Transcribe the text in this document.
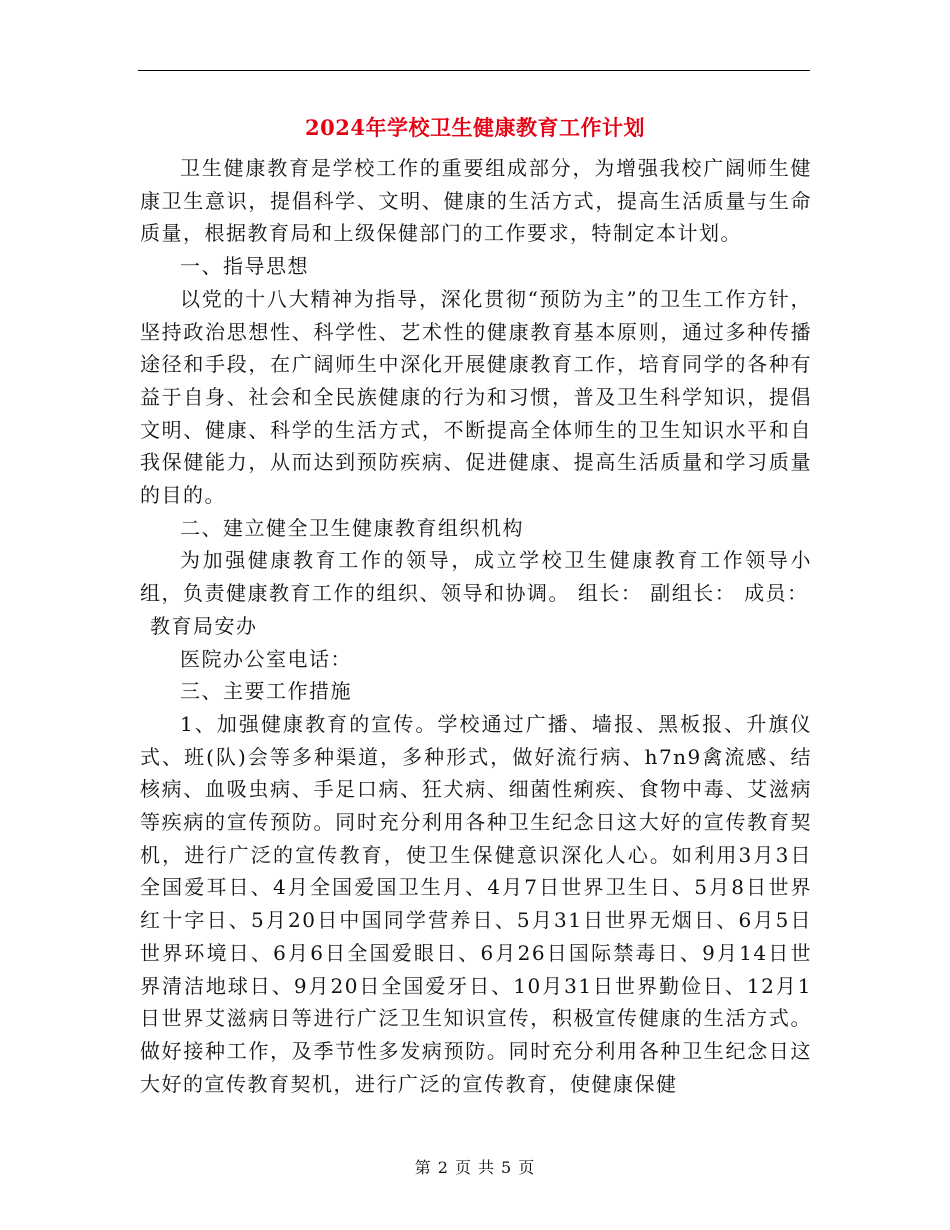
2024年学校卫生健康教育工作计划

卫生健康教育是学校工作的重要组成部分，为增强我校广阔师生健康卫生意识，提倡科学、文明、健康的生活方式，提高生活质量与生命质量，根据教育局和上级保健部门的工作要求，特制定本计划。

一、指导思想

以党的十八大精神为指导，深化贯彻“预防为主”的卫生工作方针，坚持政治思想性、科学性、艺术性的健康教育基本原则，通过多种传播途径和手段，在广阔师生中深化开展健康教育工作，培育同学的各种有益于自身、社会和全民族健康的行为和习惯，普及卫生科学知识，提倡文明、健康、科学的生活方式，不断提高全体师生的卫生知识水平和自我保健能力，从而达到预防疾病、促进健康、提高生活质量和学习质量的目的。

二、建立健全卫生健康教育组织机构

为加强健康教育工作的领导，成立学校卫生健康教育工作领导小组，负责健康教育工作的组织、领导和协调。 组长： 副组长： 成员：

教育局安办

医院办公室电话：

三、主要工作措施

1、加强健康教育的宣传。学校通过广播、墙报、黑板报、升旗仪式、班(队)会等多种渠道，多种形式，做好流行病、h7n9禽流感、结核病、血吸虫病、手足口病、狂犬病、细菌性痢疾、食物中毒、艾滋病等疾病的宣传预防。同时充分利用各种卫生纪念日这大好的宣传教育契机，进行广泛的宣传教育，使卫生保健意识深化人心。如利用3月3日全国爱耳日、4月全国爱国卫生月、4月7日世界卫生日、5月8日世界红十字日、5月20日中国同学营养日、5月31日世界无烟日、6月5日世界环境日、6月6日全国爱眼日、6月26日国际禁毒日、9月14日世界清洁地球日、9月20日全国爱牙日、10月31日世界勤俭日、12月1日世界艾滋病日等进行广泛卫生知识宣传，积极宣传健康的生活方式。做好接种工作，及季节性多发病预防。同时充分利用各种卫生纪念日这大好的宣传教育契机，进行广泛的宣传教育，使健康保健

第 2 页 共 5 页
